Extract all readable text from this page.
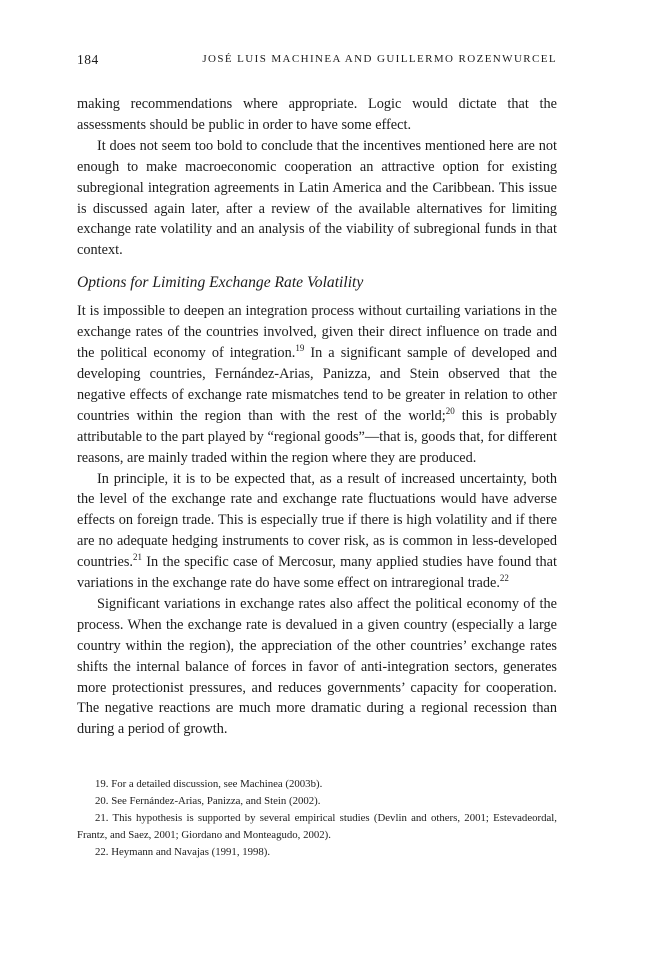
184	JOSÉ LUIS MACHINEA AND GUILLERMO ROZENWURCEL

making recommendations where appropriate. Logic would dictate that the assessments should be public in order to have some effect.

It does not seem too bold to conclude that the incentives mentioned here are not enough to make macroeconomic cooperation an attractive option for existing subregional integration agreements in Latin America and the Caribbean. This issue is discussed again later, after a review of the available alternatives for limiting exchange rate volatility and an analysis of the viability of subregional funds in that context.

Options for Limiting Exchange Rate Volatility

It is impossible to deepen an integration process without curtailing variations in the exchange rates of the countries involved, given their direct influence on trade and the political economy of integration.$^{19}$ In a significant sample of developed and developing countries, Fernández-Arias, Panizza, and Stein observed that the negative effects of exchange rate mismatches tend to be greater in relation to other countries within the region than with the rest of the world;$^{20}$ this is probably attributable to the part played by “regional goods”—that is, goods that, for different reasons, are mainly traded within the region where they are produced.

In principle, it is to be expected that, as a result of increased uncertainty, both the level of the exchange rate and exchange rate fluctuations would have adverse effects on foreign trade. This is especially true if there is high volatility and if there are no adequate hedging instruments to cover risk, as is common in less-developed countries.$^{21}$ In the specific case of Mercosur, many applied studies have found that variations in the exchange rate do have some effect on intraregional trade.$^{22}$

Significant variations in exchange rates also affect the political economy of the process. When the exchange rate is devalued in a given country (especially a large country within the region), the appreciation of the other countries’ exchange rates shifts the internal balance of forces in favor of anti-integration sectors, generates more protectionist pressures, and reduces governments’ capacity for cooperation. The negative reactions are much more dramatic during a regional recession than during a period of growth.

19. For a detailed discussion, see Machinea (2003b).

20. See Fernández-Arias, Panizza, and Stein (2002).

21. This hypothesis is supported by several empirical studies (Devlin and others, 2001; Estevadeordal, Frantz, and Saez, 2001; Giordano and Monteagudo, 2002).

22. Heymann and Navajas (1991, 1998).
